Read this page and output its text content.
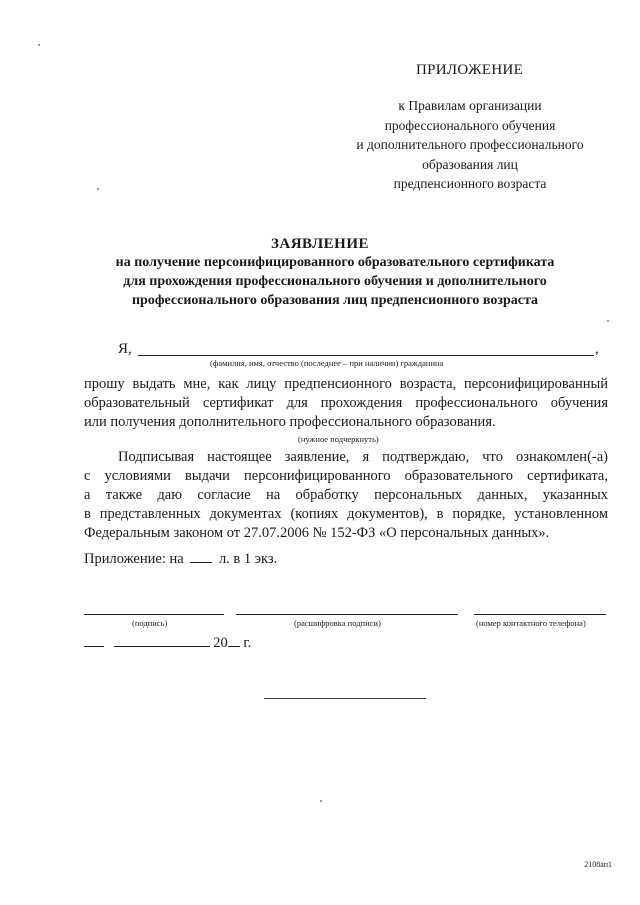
ПРИЛОЖЕНИЕ
к Правилам организации
профессионального обучения
и дополнительного профессионального
образования лиц
предпенсионного возраста
ЗАЯВЛЕНИЕ
на получение персонифицированного образовательного сертификата
для прохождения профессионального обучения и дополнительного
профессионального образования лиц предпенсионного возраста
Я,	,
(фамилия, имя, отчество (последнее – при наличии) гражданина
прошу выдать мне, как лицу предпенсионного возраста, персонифицированный
образовательный сертификат для прохождения профессионального обучения
или получения дополнительного профессионального образования.
(нужное подчеркнуть)
Подписывая настоящее заявление, я подтверждаю, что ознакомлен(-а)
с условиями выдачи персонифицированного образовательного сертификата,
а также даю согласие на обработку персональных данных, указанных
в представленных документах (копиях документов), в порядке, установленном
Федеральным законом от 27.07.2006 № 152-ФЗ «О персональных данных».
Приложение: на л. в 1 экз.
(подпись)	(расшифровка подписи)	(номер контактного телефона)
20 г.
2108ап1
